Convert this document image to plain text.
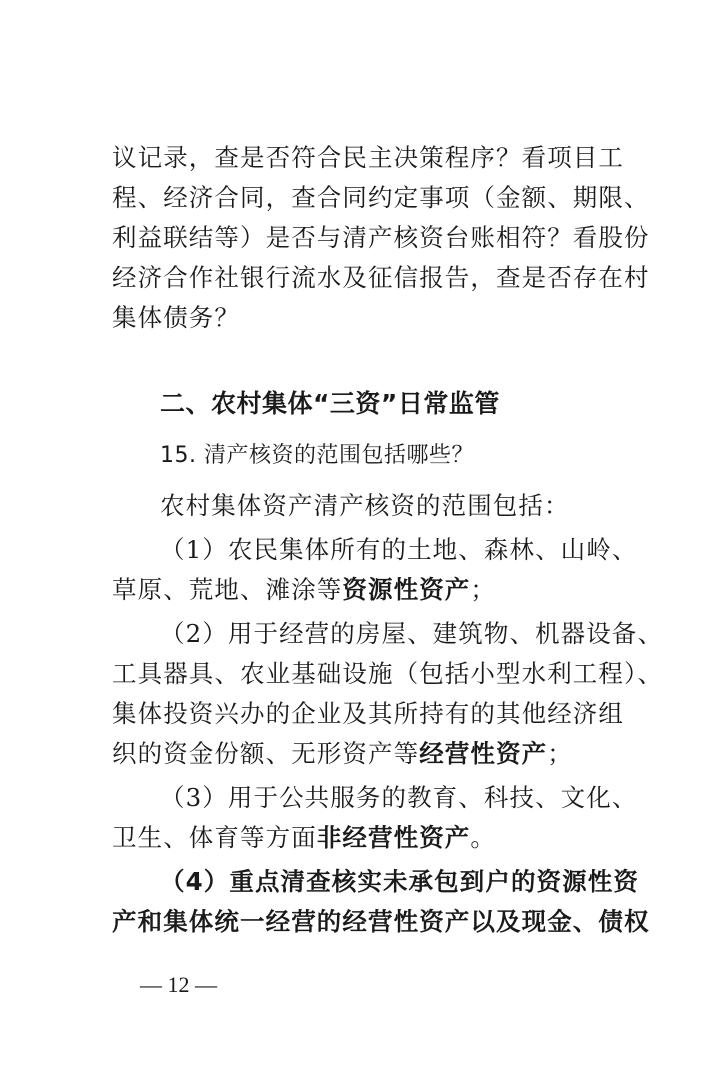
议记录，查是否符合民主决策程序？看项目工
程、经济合同，查合同约定事项（金额、期限、
利益联结等）是否与清产核资台账相符？看股份
经济合作社银行流水及征信报告，查是否存在村
集体债务？
二、农村集体“三资”日常监管
15. 清产核资的范围包括哪些？
农村集体资产清产核资的范围包括：
（1）农民集体所有的土地、森林、山岭、
草原、荒地、滩涂等资源性资产；
（2）用于经营的房屋、建筑物、机器设备、
工具器具、农业基础设施（包括小型水利工程）、
集体投资兴办的企业及其所持有的其他经济组
织的资金份额、无形资产等经营性资产；
（3）用于公共服务的教育、科技、文化、
卫生、体育等方面非经营性资产。
（4）重点清查核实未承包到户的资源性资
产和集体统一经营的经营性资产以及现金、债权
— 12 —
